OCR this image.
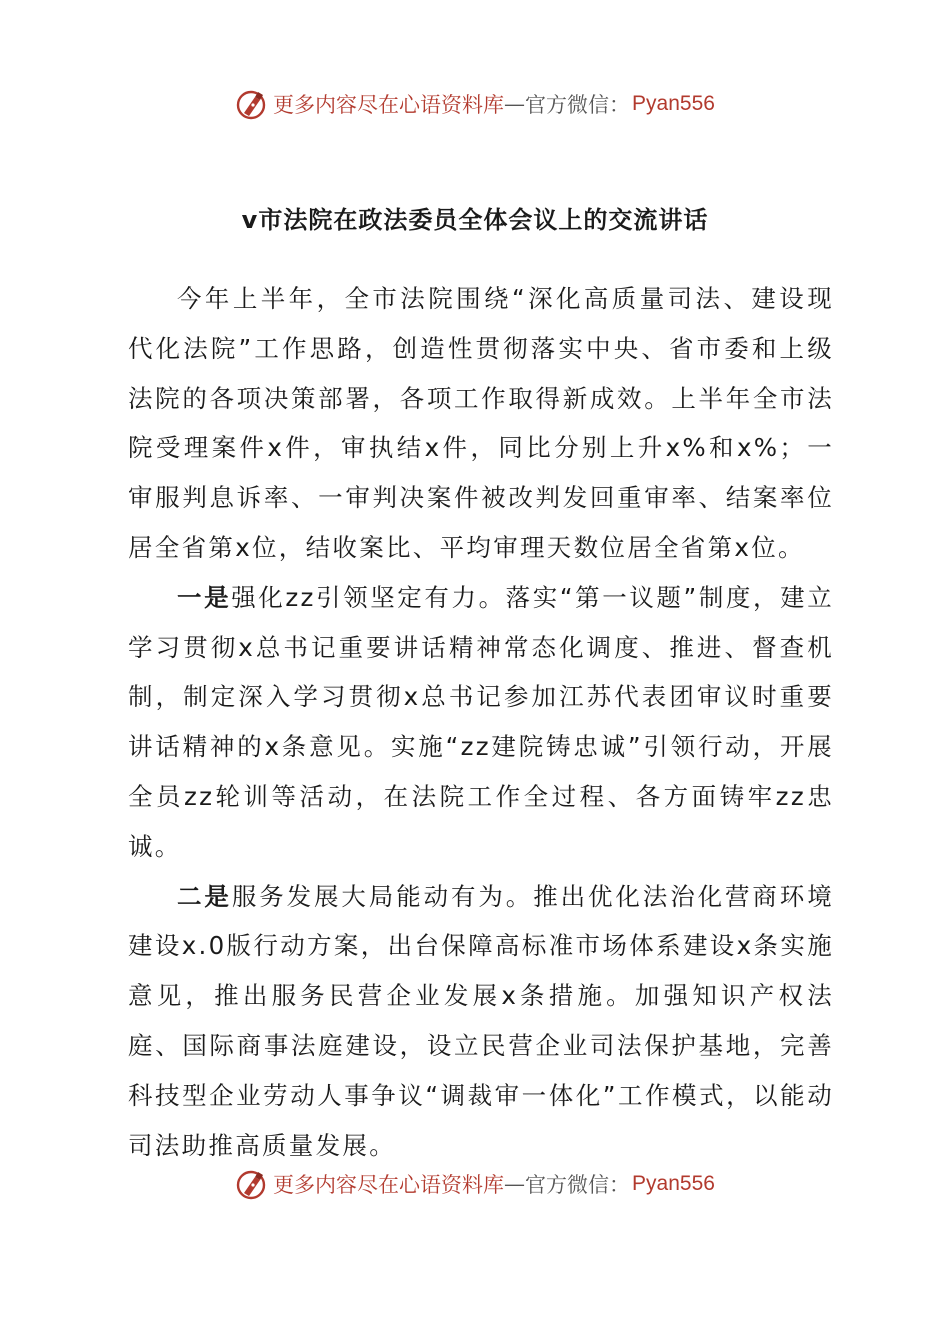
更多内容尽在心语资料库 — 官方微信： Pyan556
v市法院在政法委员全体会议上的交流讲话

今年上半年，全市法院围绕“深化高质量司法、建设现代化法院”工作思路，创造性贯彻落实中央、省市委和上级法院的各项决策部署，各项工作取得新成效。上半年全市法院受理案件x件，审执结x件，同比分别上升x%和x%；一审服判息诉率、一审判决案件被改判发回重审率、结案率位居全省第x位，结收案比、平均审理天数位居全省第x位。

一是强化zz引领坚定有力。落实“第一议题”制度，建立学习贯彻x总书记重要讲话精神常态化调度、推进、督查机制，制定深入学习贯彻x总书记参加江苏代表团审议时重要讲话精神的x条意见。实施“zz建院铸忠诚”引领行动，开展全员zz轮训等活动，在法院工作全过程、各方面铸牢zz忠诚。

二是服务发展大局能动有为。推出优化法治化营商环境建设x.0版行动方案，出台保障高标准市场体系建设x条实施意见，推出服务民营企业发展x条措施。加强知识产权法庭、国际商事法庭建设，设立民营企业司法保护基地，完善科技型企业劳动人事争议“调裁审一体化”工作模式，以能动司法助推高质量发展。

更多内容尽在心语资料库 — 官方微信： Pyan556
